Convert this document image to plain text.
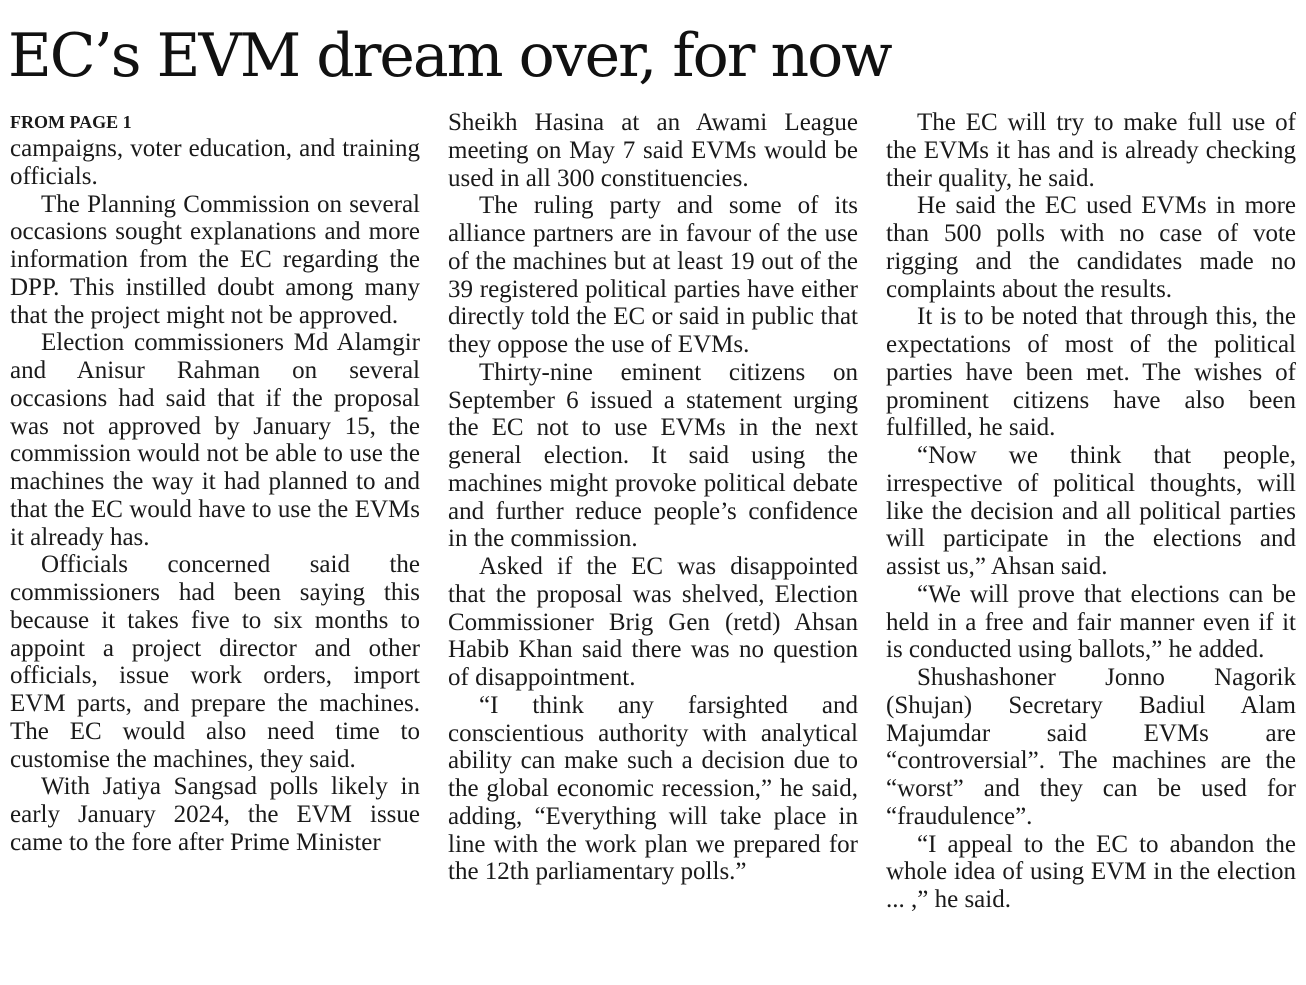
EC’s EVM dream over, for now
FROM PAGE 1

campaigns, voter education, and training officials.

The Planning Commission on several occasions sought explanations and more information from the EC regarding the DPP. This instilled doubt among many that the project might not be approved.

Election commissioners Md Alamgir and Anisur Rahman on several occasions had said that if the proposal was not approved by January 15, the commission would not be able to use the machines the way it had planned to and that the EC would have to use the EVMs it already has.

Officials concerned said the commissioners had been saying this because it takes five to six months to appoint a project director and other officials, issue work orders, import EVM parts, and prepare the machines. The EC would also need time to customise the machines, they said.

With Jatiya Sangsad polls likely in early January 2024, the EVM issue came to the fore after Prime Minister

Sheikh Hasina at an Awami League meeting on May 7 said EVMs would be used in all 300 constituencies.

The ruling party and some of its alliance partners are in favour of the use of the machines but at least 19 out of the 39 registered political parties have either directly told the EC or said in public that they oppose the use of EVMs.

Thirty-nine eminent citizens on September 6 issued a statement urging the EC not to use EVMs in the next general election. It said using the machines might provoke political debate and further reduce people’s confidence in the commission.

Asked if the EC was disappointed that the proposal was shelved, Election Commissioner Brig Gen (retd) Ahsan Habib Khan said there was no question of disappointment.

“I think any farsighted and conscientious authority with analytical ability can make such a decision due to the global economic recession,” he said, adding, “Everything will take place in line with the work plan we prepared for the 12th parliamentary polls.”

The EC will try to make full use of the EVMs it has and is already checking their quality, he said.

He said the EC used EVMs in more than 500 polls with no case of vote rigging and the candidates made no complaints about the results.

It is to be noted that through this, the expectations of most of the political parties have been met. The wishes of prominent citizens have also been fulfilled, he said.

“Now we think that people, irrespective of political thoughts, will like the decision and all political parties will participate in the elections and assist us,” Ahsan said.

“We will prove that elections can be held in a free and fair manner even if it is conducted using ballots,” he added.

Shushashoner Jonno Nagorik (Shujan) Secretary Badiul Alam Majumdar said EVMs are “controversial”. The machines are the “worst” and they can be used for “fraudulence”.

“I appeal to the EC to abandon the whole idea of using EVM in the election ... ,” he said.
